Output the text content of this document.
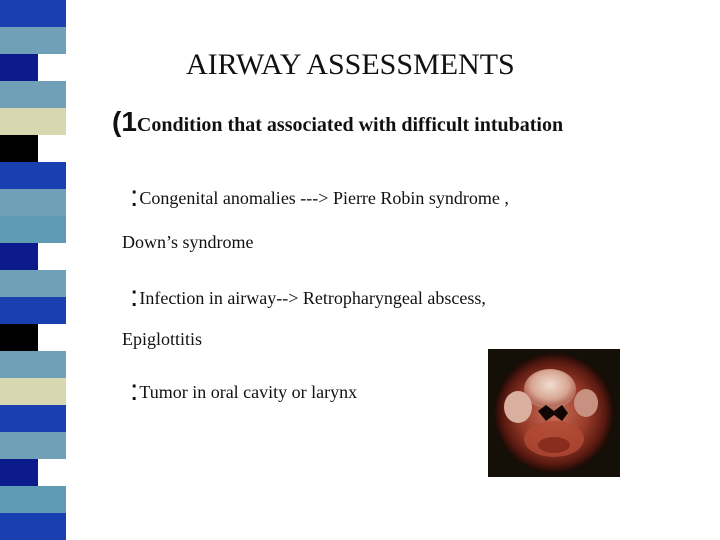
AIRWAY ASSESSMENTS
(1Condition that associated with difficult intubation
:Congenital anomalies ---> Pierre Robin syndrome ,
Down’s syndrome
:Infection in airway--> Retropharyngeal abscess,
Epiglottitis
:Tumor in oral cavity or larynx
